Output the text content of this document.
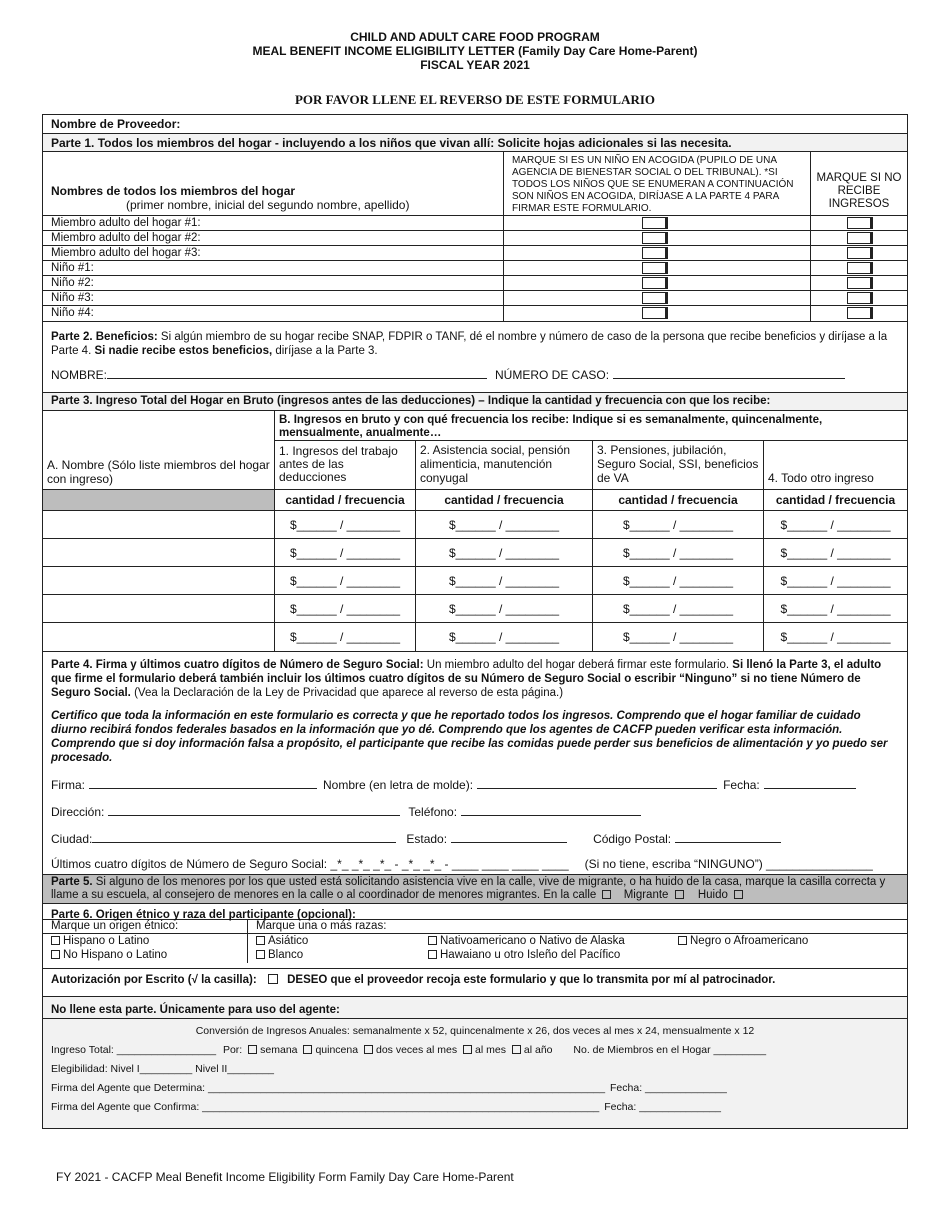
CHILD AND ADULT CARE FOOD PROGRAM
MEAL BENEFIT INCOME ELIGIBILITY LETTER (Family Day Care Home-Parent)
FISCAL YEAR 2021
POR FAVOR LLENE EL REVERSO DE ESTE FORMULARIO
Nombre de Proveedor:
Parte 1. Todos los miembros del hogar - incluyendo a los niños que vivan allí: Solicite hojas adicionales si las necesita.
Nombres de todos los miembros del hogar
(primer nombre, inicial del segundo nombre, apellido)
MARQUE SI ES UN NIÑO EN ACOGIDA (PUPILO DE UNA AGENCIA DE BIENESTAR SOCIAL O DEL TRIBUNAL). *SI TODOS LOS NIÑOS QUE SE ENUMERAN A CONTINUACIÓN SON NIÑOS EN ACOGIDA, DIRÍJASE A LA PARTE 4 PARA FIRMAR ESTE FORMULARIO.
MARQUE SI NO RECIBE INGRESOS
Miembro adulto del hogar #1:
Miembro adulto del hogar #2:
Miembro adulto del hogar #3:
Niño #1:
Niño #2:
Niño #3:
Niño #4:
Parte 2. Beneficios: Si algún miembro de su hogar recibe SNAP, FDPIR o TANF, dé el nombre y número de caso de la persona que recibe beneficios y diríjase a la Parte 4. Si nadie recibe estos beneficios, diríjase a la Parte 3.
NOMBRE:	NÚMERO DE CASO:
Parte 3. Ingreso Total del Hogar en Bruto (ingresos antes de las deducciones) – Indique la cantidad y frecuencia con que los recibe:
A. Nombre (Sólo liste miembros del hogar con ingreso)
B. Ingresos en bruto y con qué frecuencia los recibe: Indique si es semanalmente, quincenalmente, mensualmente, anualmente…
1. Ingresos del trabajo antes de las deducciones
2. Asistencia social, pensión alimenticia, manutención conyugal
3. Pensiones, jubilación, Seguro Social, SSI, beneficios de VA	4. Todo otro ingreso
cantidad / frecuencia	cantidad / frecuencia	cantidad / frecuencia	cantidad / frecuencia
$______ / ________	$______ / ________	$______ / ________	$______ / ________
$______ / ________	$______ / ________	$______ / ________	$______ / ________
$______ / ________	$______ / ________	$______ / ________	$______ / ________
$______ / ________	$______ / ________	$______ / ________	$______ / ________
$______ / ________	$______ / ________	$______ / ________	$______ / ________
Parte 4. Firma y últimos cuatro dígitos de Número de Seguro Social: Un miembro adulto del hogar deberá firmar este formulario. Si llenó la Parte 3, el adulto que firme el formulario deberá también incluir los últimos cuatro dígitos de su Número de Seguro Social o escribir “Ninguno” si no tiene Número de Seguro Social. (Vea la Declaración de la Ley de Privacidad que aparece al reverso de esta página.)
Certifico que toda la información en este formulario es correcta y que he reportado todos los ingresos. Comprendo que el hogar familiar de cuidado diurno recibirá fondos federales basados en la información que yo dé. Comprendo que los agentes de CACFP pueden verificar esta información. Comprendo que si doy información falsa a propósito, el participante que recibe las comidas puede perder sus beneficios de alimentación y yo puedo ser procesado.
Firma:	Nombre (en letra de molde):	Fecha:
Dirección:	Teléfono:
Ciudad:	Estado:	Código Postal:
Últimos cuatro dígitos de Número de Seguro Social: _*_ _*_ _*_ - _*_ _*_ - ____ ____ ____ ____ (Si no tiene, escriba “NINGUNO”) ________________
Parte 5. Si alguno de los menores por los que usted está solicitando asistencia vive en la calle, vive de migrante, o ha huido de la casa, marque la casilla correcta y llame a su escuela, al consejero de menores en la calle o al coordinador de menores migrantes. En la calle Migrante	Huido
Parte 6. Origen étnico y raza del participante (opcional):
Marque un origen étnico:
Hispano o Latino
No Hispano o Latino
Marque una o más razas:
Asiático
Blanco
Nativoamericano o Nativo de Alaska
Hawaiano u otro Isleño del Pacífico
Negro o Afroamericano
Autorización por Escrito (√ la casilla):	DESEO que el proveedor recoja este formulario y que lo transmita por mí al patrocinador.
No llene esta parte. Únicamente para uso del agente:
Conversión de Ingresos Anuales: semanalmente x 52, quincenalmente x 26, dos veces al mes x 24, mensualmente x 12
Ingreso Total: _________________ Por: semana quincena dos veces al mes al mes al año No. de Miembros en el Hogar _________
Elegibilidad: Nivel I_________ Nivel II________
Firma del Agente que Determina: ____________________________________________________________________ Fecha: ______________
Firma del Agente que Confirma: ____________________________________________________________________ Fecha: ______________
FY 2021 - CACFP Meal Benefit Income Eligibility Form Family Day Care Home-Parent
